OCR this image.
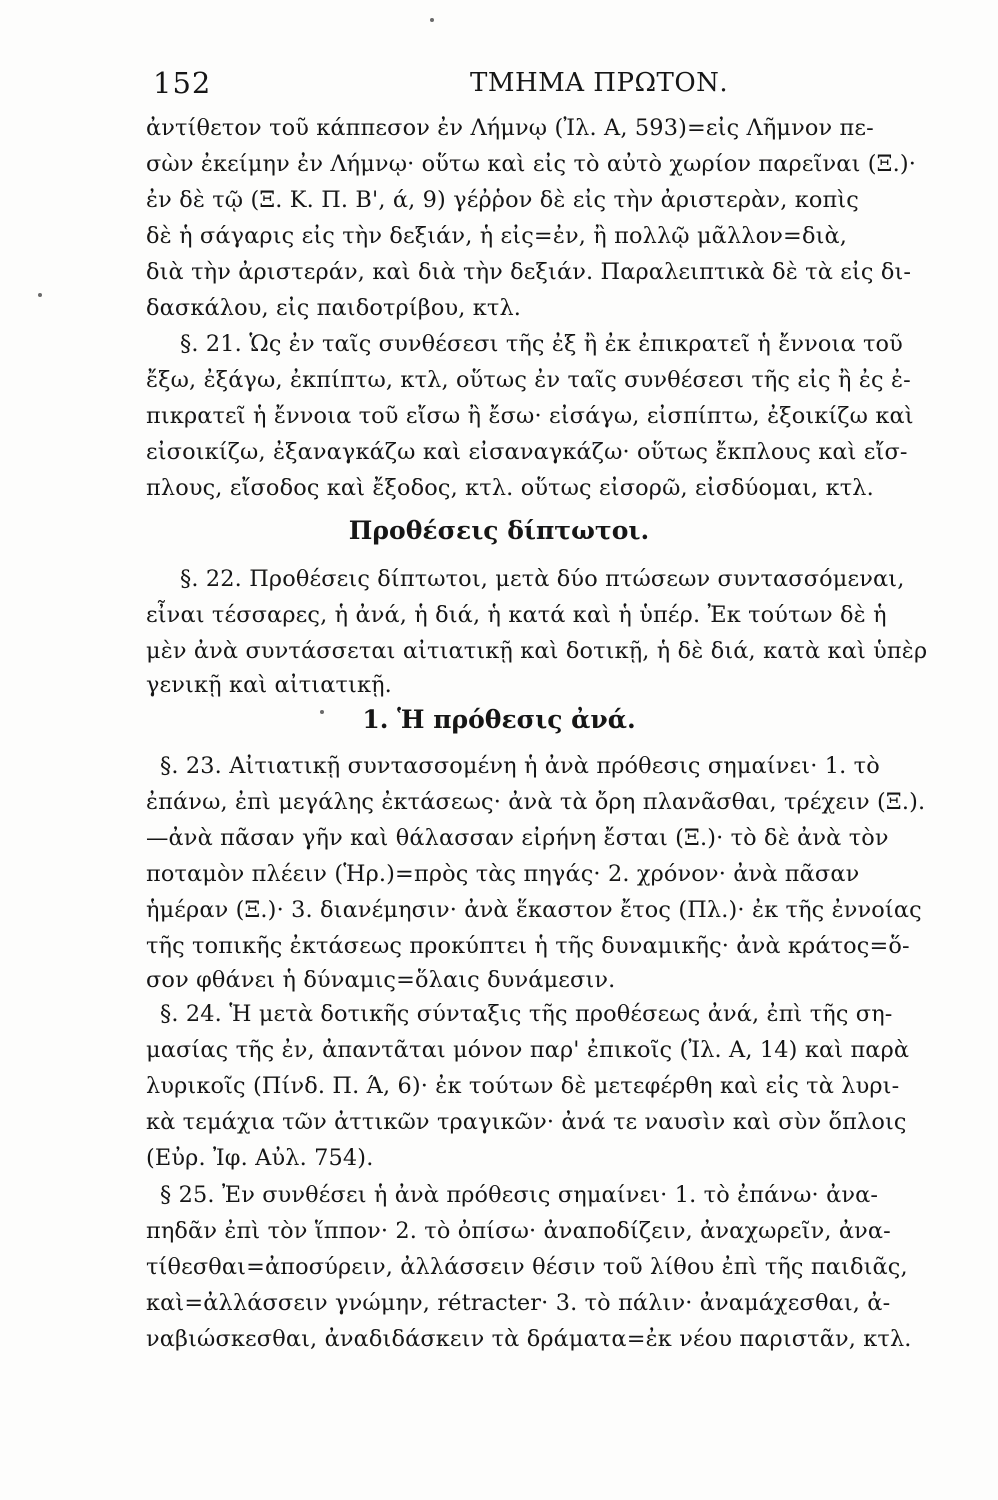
152	ΤΜΗΜΑ ΠΡΩΤΟΝ.

ἀντίθετον τοῦ κάππεσον ἐν Λήμνῳ (Ἰλ. Α, 593)=εἰς Λῆμνον πε-

σὼν ἐκείμην ἐν Λήμνῳ· οὕτω καὶ εἰς τὸ αὐτὸ χωρίον παρεῖναι (Ξ.)·

ἐν δὲ τῷ (Ξ. Κ. Π. Β', ά, 9) γέῤῥον δὲ εἰς τὴν ἀριστερὰν, κοπὶς

δὲ ἡ σάγαρις εἰς τὴν δεξιάν, ἡ εἰς=ἐν, ἢ πολλῷ μᾶλλον=διὰ,

διὰ τὴν ἀριστεράν, καὶ διὰ τὴν δεξιάν. Παραλειπτικὰ δὲ τὰ εἰς δι-

δασκάλου, εἰς παιδοτρίβου, κτλ.

§. 21. Ὡς ἐν ταῖς συνθέσεσι τῆς ἐξ ἢ ἐκ ἐπικρατεῖ ἡ ἔννοια τοῦ

ἔξω, ἐξάγω, ἐκπίπτω, κτλ, οὕτως ἐν ταῖς συνθέσεσι τῆς εἰς ἢ ἐς ἐ-

πικρατεῖ ἡ ἔννοια τοῦ εἴσω ἢ ἔσω· εἰσάγω, εἰσπίπτω, ἐξοικίζω καὶ

εἰσοικίζω, ἐξαναγκάζω καὶ εἰσαναγκάζω· οὕτως ἔκπλους καὶ εἴσ-

πλους, εἴσοδος καὶ ἔξοδος, κτλ. οὕτως εἰσορῶ, εἰσδύομαι, κτλ.

Προθέσεις δίπτωτοι.

§. 22. Προθέσεις δίπτωτοι, μετὰ δύο πτώσεων συντασσόμεναι,

εἶναι τέσσαρες, ἡ ἀνά, ἡ διά, ἡ κατά καὶ ἡ ὑπέρ. Ἐκ τούτων δὲ ἡ

μὲν ἀνὰ συντάσσεται αἰτιατικῇ καὶ δοτικῇ, ἡ δὲ διά, κατὰ καὶ ὑπὲρ

γενικῇ καὶ αἰτιατικῇ.

1. Ἡ πρόθεσις ἀνά.

§. 23. Αἰτιατικῇ συντασσομένη ἡ ἀνὰ πρόθεσις σημαίνει· 1. τὸ

ἐπάνω, ἐπὶ μεγάλης ἐκτάσεως· ἀνὰ τὰ ὄρη πλανᾶσθαι, τρέχειν (Ξ.).

—ἀνὰ πᾶσαν γῆν καὶ θάλασσαν εἰρήνη ἔσται (Ξ.)· τὸ δὲ ἀνὰ τὸν

ποταμὸν πλέειν (Ἡρ.)=πρὸς τὰς πηγάς· 2. χρόνον· ἀνὰ πᾶσαν

ἡμέραν (Ξ.)· 3. διανέμησιν· ἀνὰ ἕκαστον ἔτος (Πλ.)· ἐκ τῆς ἐννοίας

τῆς τοπικῆς ἐκτάσεως προκύπτει ἡ τῆς δυναμικῆς· ἀνὰ κράτος=ὅ-

σον φθάνει ἡ δύναμις=ὅλαις δυνάμεσιν.

§. 24. Ἡ μετὰ δοτικῆς σύνταξις τῆς προθέσεως ἀνά, ἐπὶ τῆς ση-

μασίας τῆς ἐν, ἀπαντᾶται μόνον παρ' ἐπικοῖς (Ἰλ. Α, 14) καὶ παρὰ

λυρικοῖς (Πίνδ. Π. Ά, 6)· ἐκ τούτων δὲ μετεφέρθη καὶ εἰς τὰ λυρι-

κὰ τεμάχια τῶν ἀττικῶν τραγικῶν· ἀνά τε ναυσὶν καὶ σὺν ὅπλοις

(Εὐρ. Ἰφ. Αὐλ. 754).

§ 25. Ἐν συνθέσει ἡ ἀνὰ πρόθεσις σημαίνει· 1. τὸ ἐπάνω· ἀνα-

πηδᾶν ἐπὶ τὸν ἵππον· 2. τὸ ὀπίσω· ἀναποδίζειν, ἀναχωρεῖν, ἀνα-

τίθεσθαι=ἀποσύρειν, ἀλλάσσειν θέσιν τοῦ λίθου ἐπὶ τῆς παιδιᾶς,

καὶ=ἀλλάσσειν γνώμην, rétracter· 3. τὸ πάλιν· ἀναμάχεσθαι, ἀ-

ναβιώσκεσθαι, ἀναδιδάσκειν τὰ δράματα=ἐκ νέου παριστᾶν, κτλ.
